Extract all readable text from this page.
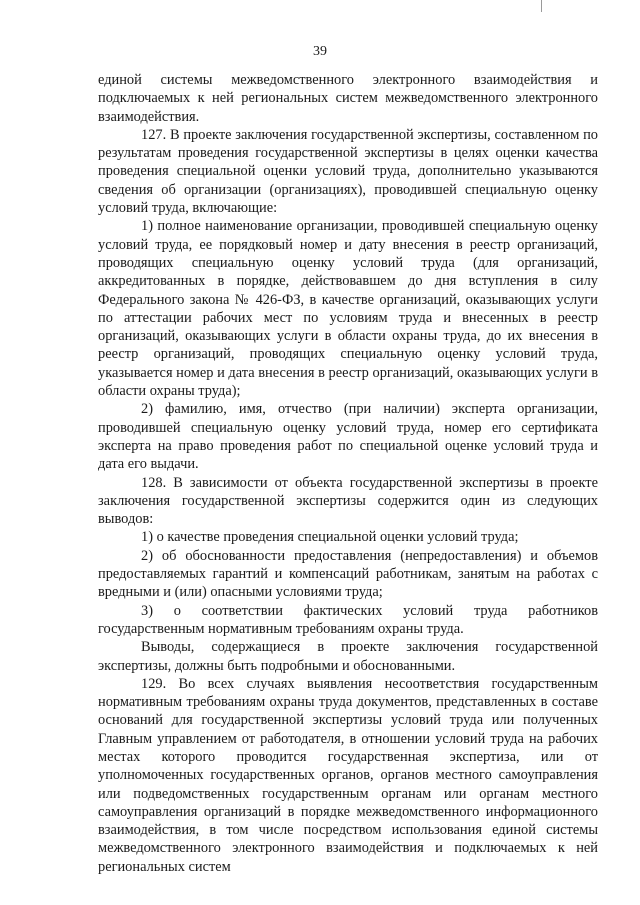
39

единой системы межведомственного электронного взаимодействия и подключаемых к ней региональных систем межведомственного электронного взаимодействия.

127. В проекте заключения государственной экспертизы, составленном по результатам проведения государственной экспертизы в целях оценки качества проведения специальной оценки условий труда, дополнительно указываются сведения об организации (организациях), проводившей специальную оценку условий труда, включающие:

1) полное наименование организации, проводившей специальную оценку условий труда, ее порядковый номер и дату внесения в реестр организаций, проводящих специальную оценку условий труда (для организаций, аккредитованных в порядке, действовавшем до дня вступления в силу Федерального закона № 426-ФЗ, в качестве организаций, оказывающих услуги по аттестации рабочих мест по условиям труда и внесенных в реестр организаций, оказывающих услуги в области охраны труда, до их внесения в реестр организаций, проводящих специальную оценку условий труда, указывается номер и дата внесения в реестр организаций, оказывающих услуги в области охраны труда);

2) фамилию, имя, отчество (при наличии) эксперта организации, проводившей специальную оценку условий труда, номер его сертификата эксперта на право проведения работ по специальной оценке условий труда и дата его выдачи.

128. В зависимости от объекта государственной экспертизы в проекте заключения государственной экспертизы содержится один из следующих выводов:

1) о качестве проведения специальной оценки условий труда;

2) об обоснованности предоставления (непредоставления) и объемов предоставляемых гарантий и компенсаций работникам, занятым на работах с вредными и (или) опасными условиями труда;

3) о соответствии фактических условий труда работников государственным нормативным требованиям охраны труда.

Выводы, содержащиеся в проекте заключения государственной экспертизы, должны быть подробными и обоснованными.

129. Во всех случаях выявления несоответствия государственным нормативным требованиям охраны труда документов, представленных в составе оснований для государственной экспертизы условий труда или полученных Главным управлением от работодателя, в отношении условий труда на рабочих местах которого проводится государственная экспертиза, или от уполномоченных государственных органов, органов местного самоуправления или подведомственных государственным органам или органам местного самоуправления организаций в порядке межведомственного информационного взаимодействия, в том числе посредством использования единой системы межведомственного электронного взаимодействия и подключаемых к ней региональных систем
